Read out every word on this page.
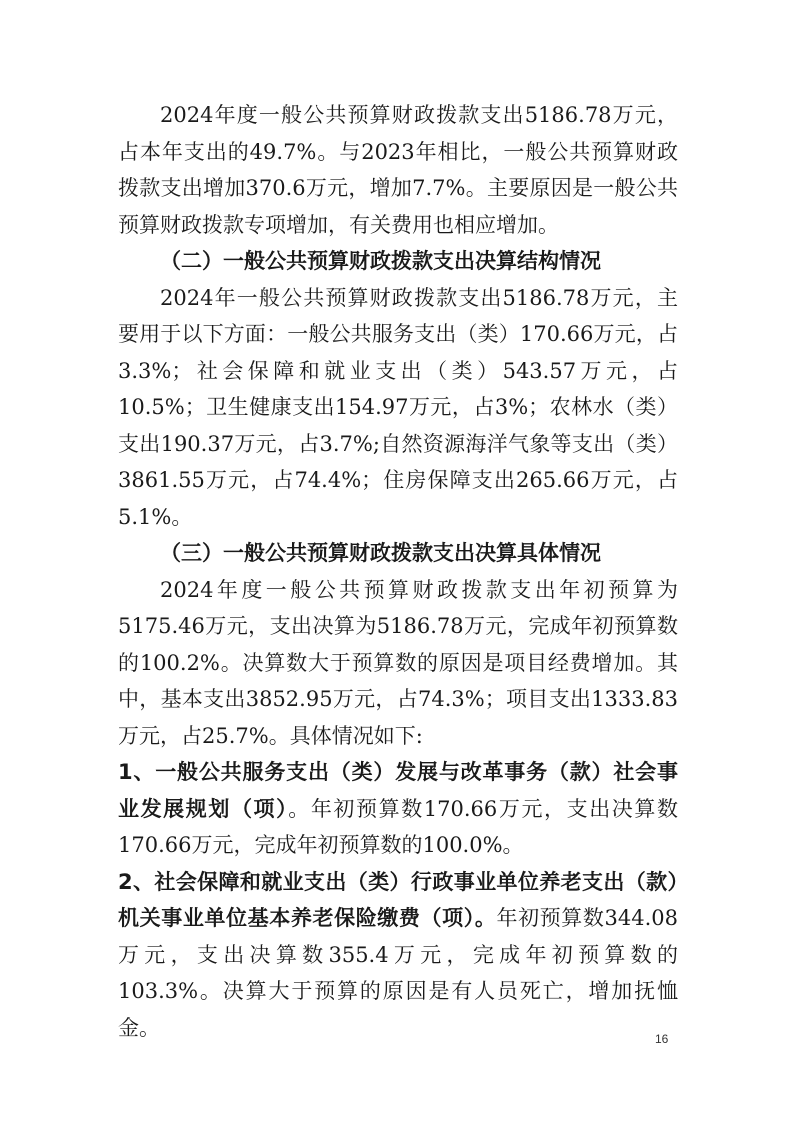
2024年度一般公共预算财政拨款支出5186.78万元，占本年支出的49.7%。与2023年相比，一般公共预算财政拨款支出增加370.6万元，增加7.7%。主要原因是一般公共预算财政拨款专项增加，有关费用也相应增加。

（二）一般公共预算财政拨款支出决算结构情况

2024年一般公共预算财政拨款支出5186.78万元，主要用于以下方面：一般公共服务支出（类）170.66万元，占3.3%；社会保障和就业支出（类）543.57万元，占10.5%；卫生健康支出154.97万元，占3%；农林水（类）支出190.37万元，占3.7%;自然资源海洋气象等支出（类）3861.55万元，占74.4%；住房保障支出265.66万元，占5.1%。

（三）一般公共预算财政拨款支出决算具体情况

2024年度一般公共预算财政拨款支出年初预算为5175.46万元，支出决算为5186.78万元，完成年初预算数的100.2%。决算数大于预算数的原因是项目经费增加。其中，基本支出3852.95万元，占74.3%；项目支出1333.83万元，占25.7%。具体情况如下:

1、一般公共服务支出（类）发展与改革事务（款）社会事业发展规划（项）。年初预算数170.66万元，支出决算数170.66万元，完成年初预算数的100.0%。

2、社会保障和就业支出（类）行政事业单位养老支出（款）机关事业单位基本养老保险缴费（项）。年初预算数344.08万元，支出决算数355.4万元，完成年初预算数的103.3%。决算大于预算的原因是有人员死亡，增加抚恤金。	16
